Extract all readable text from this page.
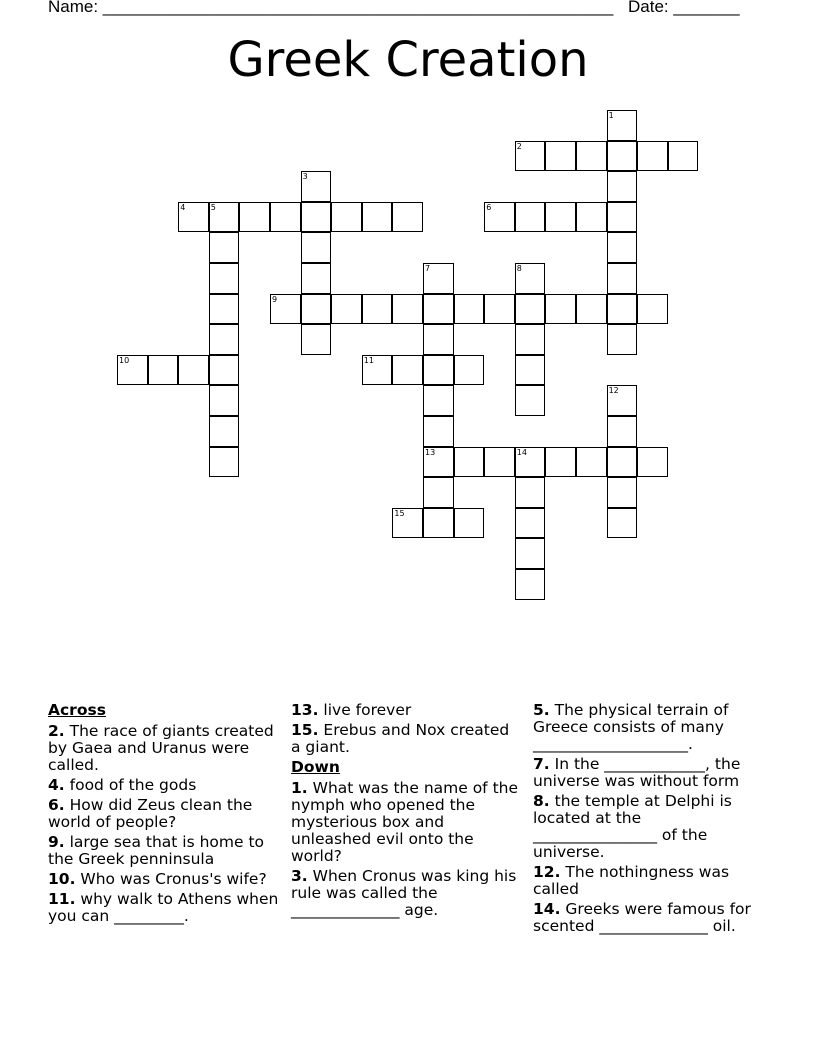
Name: ______________________________________________________ Date: _______
Greek Creation
1
2
3
4	5	6
7
13
8
9
10	11
12
14
15
Across
2. The race of giants created by Gaea and Uranus were called.
4. food of the gods
6. How did Zeus clean the world of people?
9. large sea that is home to the Greek penninsula
10. Who was Cronus's wife?
11. why walk to Athens when you can _________.
13. live forever
15. Erebus and Nox created a giant.
Down
1. What was the name of the nymph who opened the mysterious box and unleashed evil onto the world?
3. When Cronus was king his rule was called the ______________ age.
5. The physical terrain of Greece consists of many ____________________.
7. In the _____________, the universe was without form
8. the temple at Delphi is located at the ________________ of the universe.
12. The nothingness was called
14. Greeks were famous for scented ______________ oil.
